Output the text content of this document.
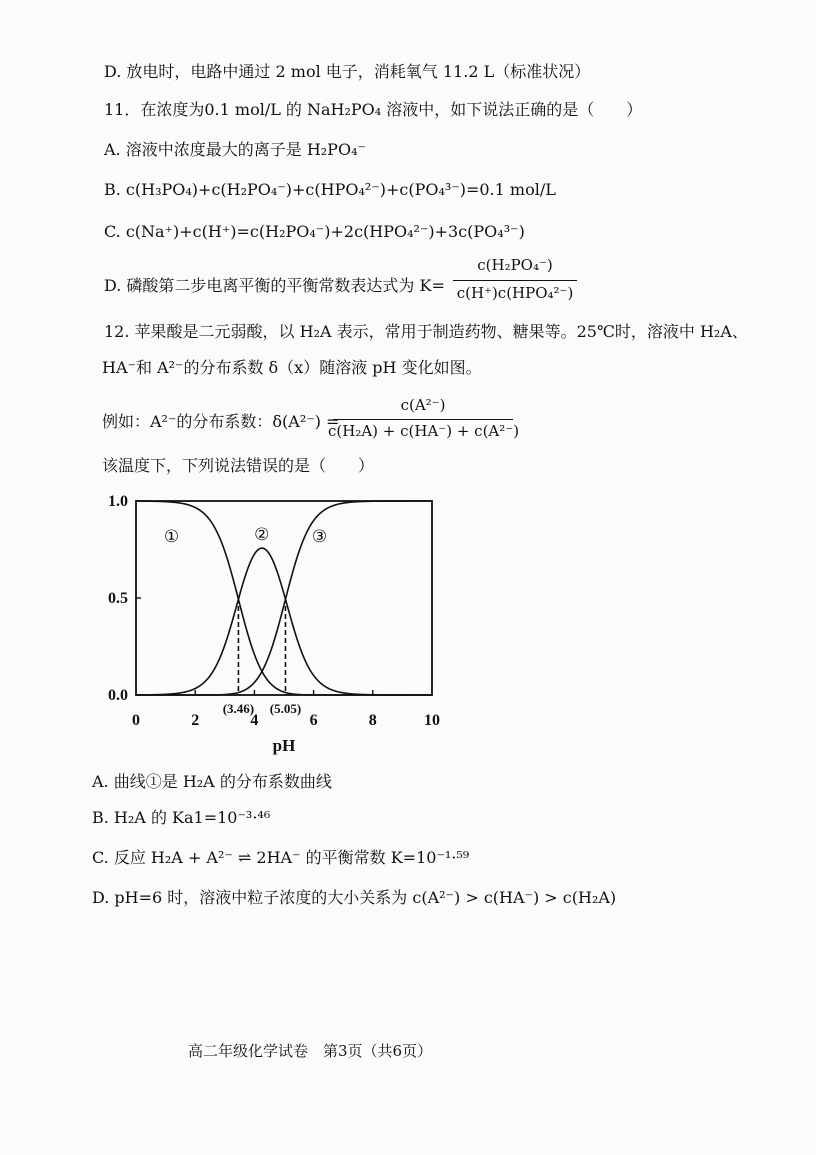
D. 放电时，电路中通过 2 mol 电子，消耗氧气 11.2 L（标准状况）
11．在浓度为0.1 mol/L 的 NaH₂PO₄ 溶液中，如下说法正确的是（　　）
A. 溶液中浓度最大的离子是 H₂PO₄⁻
B. c(H₃PO₄)+c(H₂PO₄⁻)+c(HPO₄²⁻)+c(PO₄³⁻)=0.1 mol/L
C. c(Na⁺)+c(H⁺)=c(H₂PO₄⁻)+2c(HPO₄²⁻)+3c(PO₄³⁻)
D. 磷酸第二步电离平衡的平衡常数表达式为 K=
c(H₂PO₄⁻)
c(H⁺)c(HPO₄²⁻)
12. 苹果酸是二元弱酸，以 H₂A 表示，常用于制造药物、糖果等。25℃时，溶液中 H₂A、
HA⁻和 A²⁻的分布系数 δ（x）随溶液 pH 变化如图。
例如：A²⁻的分布系数：δ(A²⁻) =
c(A²⁻)
c(H₂A) + c(HA⁻) + c(A²⁻)
该温度下，下列说法错误的是（　　）
0	2	4	6	8	10
0.0
0.5
1.0
pH
(3.46) (5.05)
①	② ③
A. 曲线①是 H₂A 的分布系数曲线
B. H₂A 的 Ka1=10⁻³·⁴⁶
C. 反应 H₂A + A²⁻ ⇌ 2HA⁻ 的平衡常数 K=10⁻¹·⁵⁹
D. pH=6 时，溶液中粒子浓度的大小关系为 c(A²⁻) > c(HA⁻) > c(H₂A)
高二年级化学试卷　第3页（共6页）
